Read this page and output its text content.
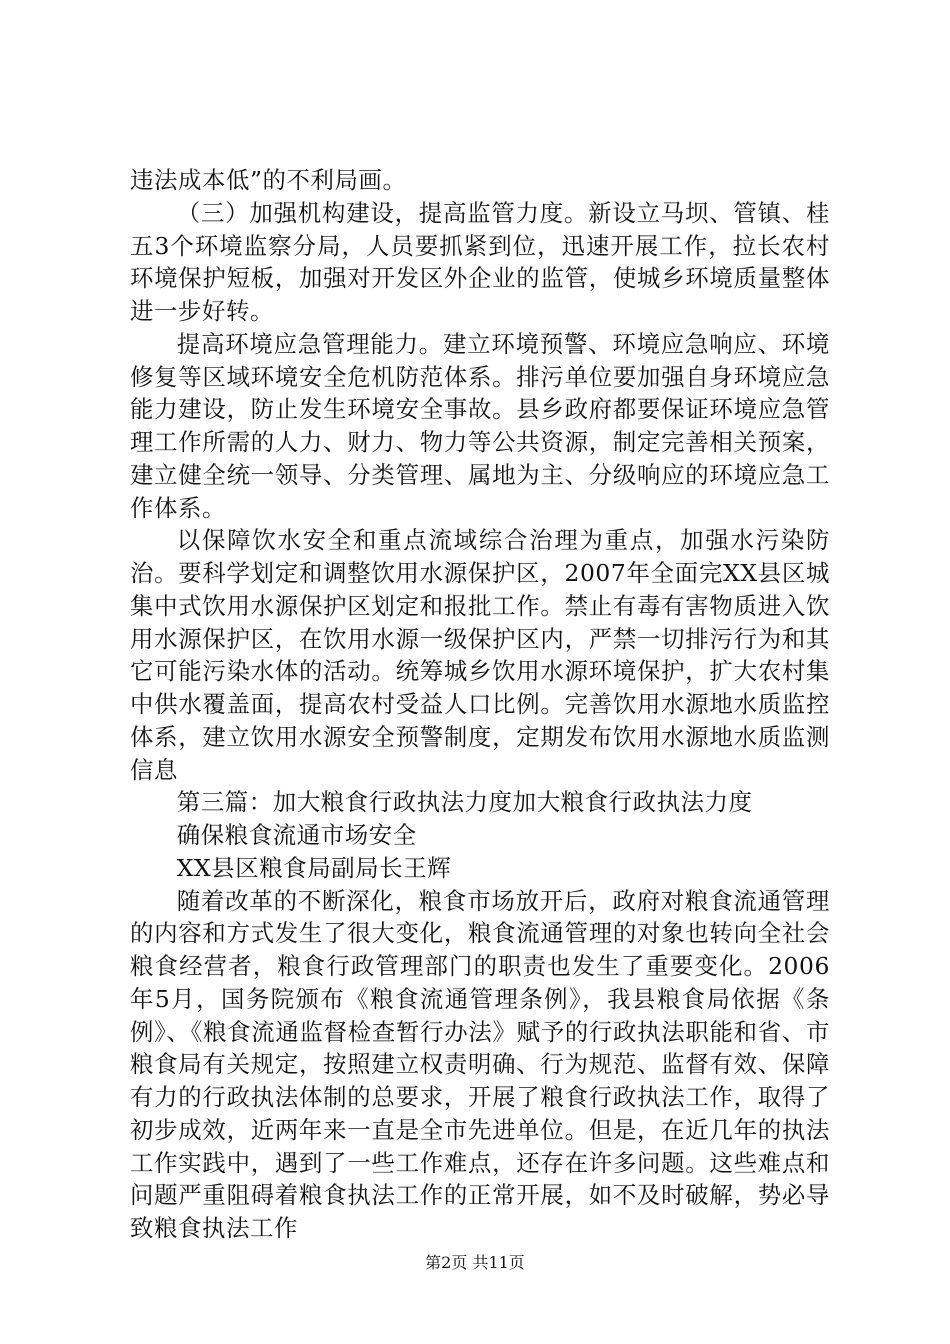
违法成本低”的不利局画。

（三）加强机构建设，提高监管力度。新设立马坝、管镇、桂五3个环境监察分局，人员要抓紧到位，迅速开展工作，拉长农村环境保护短板，加强对开发区外企业的监管，使城乡环境质量整体进一步好转。

提高环境应急管理能力。建立环境预警、环境应急响应、环境修复等区域环境安全危机防范体系。排污单位要加强自身环境应急能力建设，防止发生环境安全事故。县乡政府都要保证环境应急管理工作所需的人力、财力、物力等公共资源，制定完善相关预案，建立健全统一领导、分类管理、属地为主、分级响应的环境应急工作体系。

以保障饮水安全和重点流域综合治理为重点，加强水污染防治。要科学划定和调整饮用水源保护区，2007年全面完XX县区城集中式饮用水源保护区划定和报批工作。禁止有毒有害物质进入饮用水源保护区，在饮用水源一级保护区内，严禁一切排污行为和其它可能污染水体的活动。统筹城乡饮用水源环境保护，扩大农村集中供水覆盖面，提高农村受益人口比例。完善饮用水源地水质监控体系，建立饮用水源安全预警制度，定期发布饮用水源地水质监测信息

第三篇：加大粮食行政执法力度加大粮食行政执法力度

确保粮食流通市场安全

XX县区粮食局副局长王辉

随着改革的不断深化，粮食市场放开后，政府对粮食流通管理的内容和方式发生了很大变化，粮食流通管理的对象也转向全社会粮食经营者，粮食行政管理部门的职责也发生了重要变化。2006年5月，国务院颁布《粮食流通管理条例》，我县粮食局依据《条例》、《粮食流通监督检查暂行办法》赋予的行政执法职能和省、市粮食局有关规定，按照建立权责明确、行为规范、监督有效、保障有力的行政执法体制的总要求，开展了粮食行政执法工作，取得了初步成效，近两年来一直是全市先进单位。但是，在近几年的执法工作实践中，遇到了一些工作难点，还存在许多问题。这些难点和问题严重阻碍着粮食执法工作的正常开展，如不及时破解，势必导致粮食执法工作

第2页 共11页
